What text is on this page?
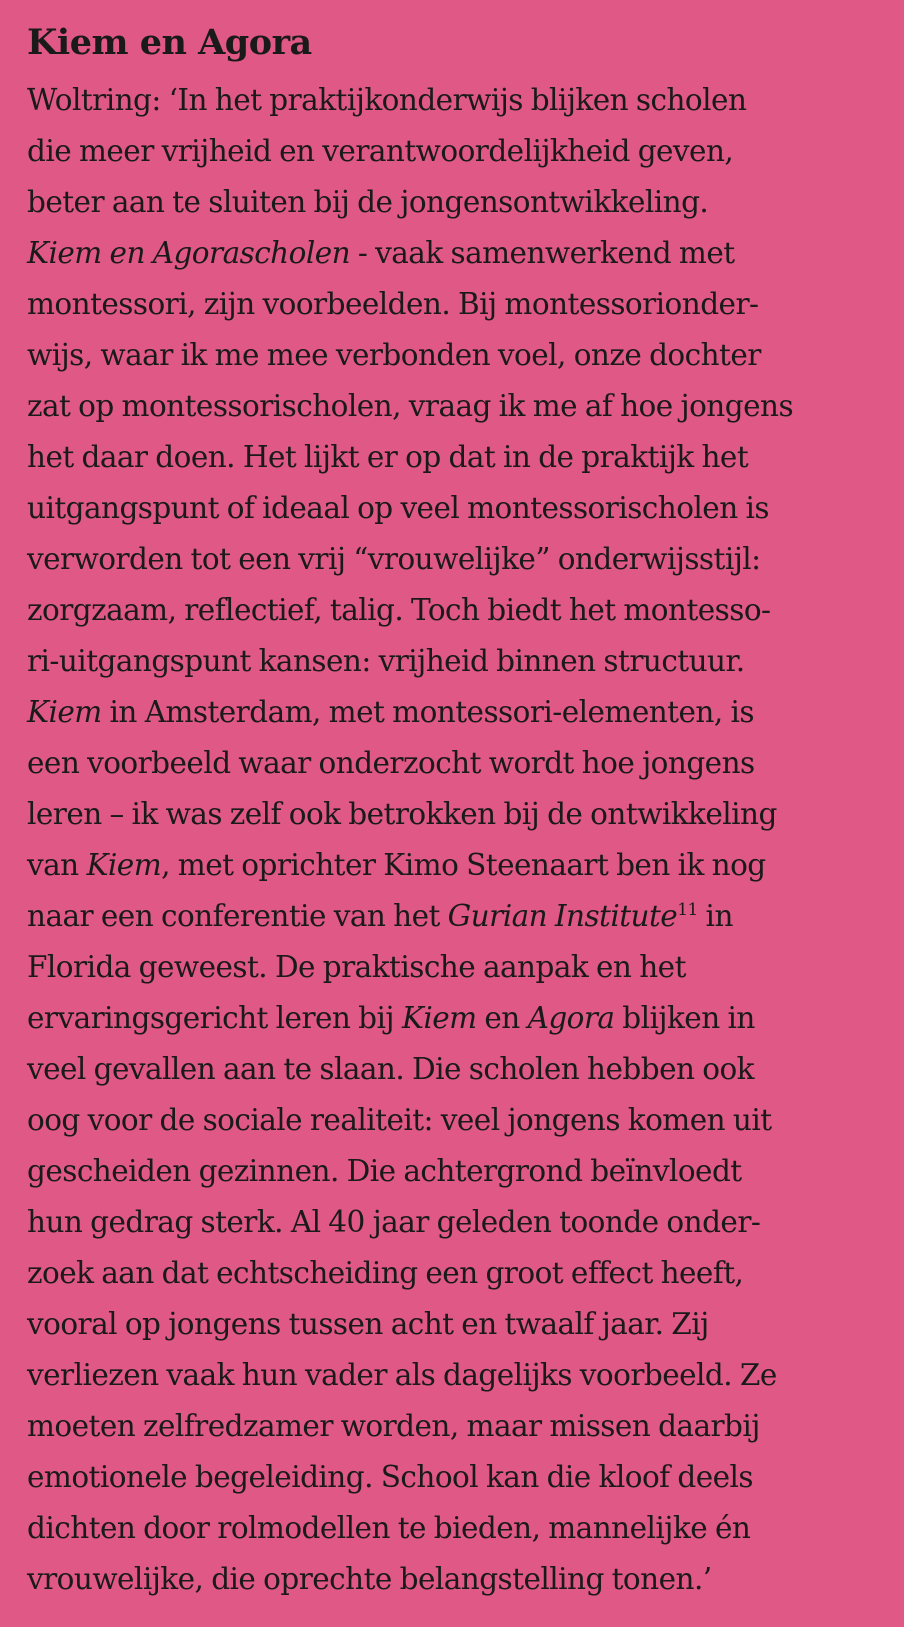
Kiem en Agora

Woltring: ‘In het praktijkonderwijs blijken scholen
die meer vrijheid en verantwoordelijkheid geven,
beter aan te sluiten bij de jongensontwikkeling.
Kiem en Agorascholen - vaak samenwerkend met
montessori, zijn voorbeelden. Bij montessorionder-
wijs, waar ik me mee verbonden voel, onze dochter
zat op montessorischolen, vraag ik me af hoe jongens
het daar doen. Het lijkt er op dat in de praktijk het
uitgangspunt of ideaal op veel montessorischolen is
verworden tot een vrij “vrouwelijke” onderwijsstijl:
zorgzaam, reflectief, talig. Toch biedt het montesso-
ri-uitgangspunt kansen: vrijheid binnen structuur.
Kiem in Amsterdam, met montessori-elementen, is
een voorbeeld waar onderzocht wordt hoe jongens
leren – ik was zelf ook betrokken bij de ontwikkeling
van Kiem, met oprichter Kimo Steenaart ben ik nog
naar een conferentie van het Gurian Institute$^{11}$ in
Florida geweest. De praktische aanpak en het
ervaringsgericht leren bij Kiem en Agora blijken in
veel gevallen aan te slaan. Die scholen hebben ook
oog voor de sociale realiteit: veel jongens komen uit
gescheiden gezinnen. Die achtergrond beïnvloedt
hun gedrag sterk. Al 40 jaar geleden toonde onder-
zoek aan dat echtscheiding een groot effect heeft,
vooral op jongens tussen acht en twaalf jaar. Zij
verliezen vaak hun vader als dagelijks voorbeeld. Ze
moeten zelfredzamer worden, maar missen daarbij
emotionele begeleiding. School kan die kloof deels
dichten door rolmodellen te bieden, mannelijke én
vrouwelijke, die oprechte belangstelling tonen.’
